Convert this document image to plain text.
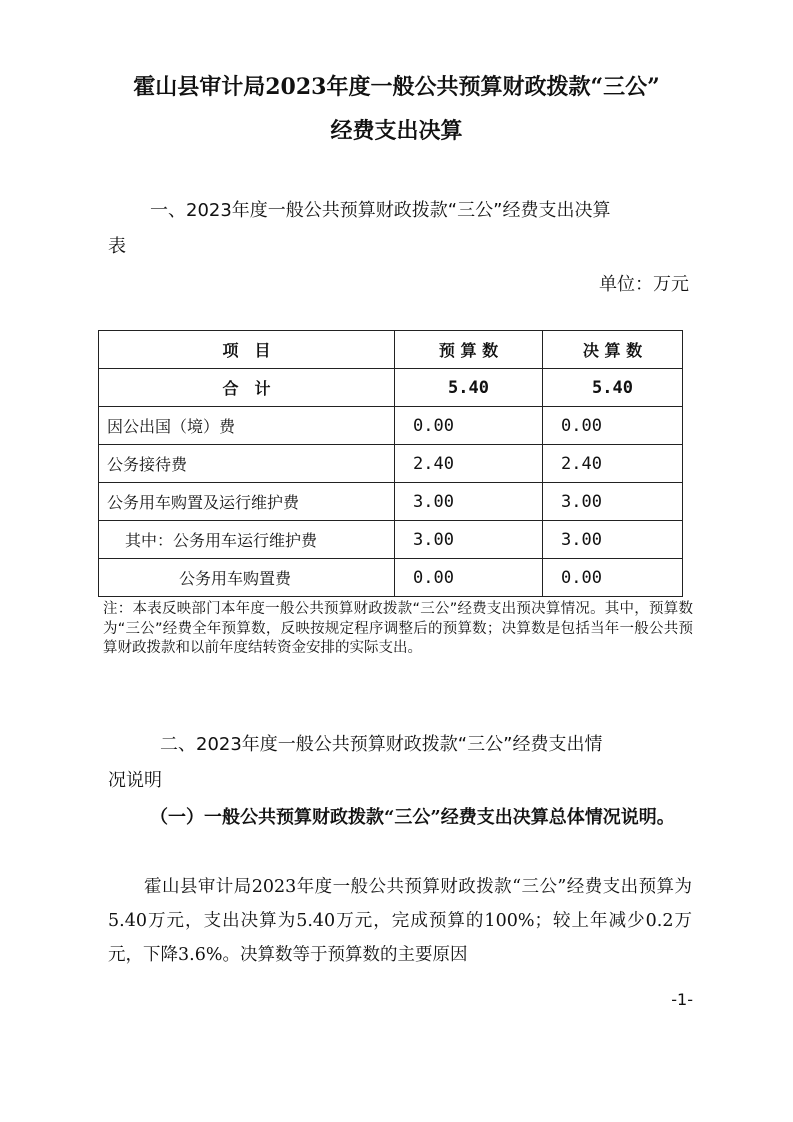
霍山县审计局2023年度一般公共预算财政拨款“三公”
经费支出决算
一、2023年度一般公共预算财政拨款“三公”经费支出决算
表
单位：万元
项　目	预 算 数	决 算 数
合　计	5.40	5.40
因公出国（境）费	0.00	0.00
公务接待费	2.40	2.40
公务用车购置及运行维护费	3.00	3.00
其中：公务用车运行维护费	3.00	3.00
公务用车购置费	0.00	0.00
注：本表反映部门本年度一般公共预算财政拨款“三公”经费支出预决算情况。其中，预算数为“三公”经费全年预算数，反映按规定程序调整后的预算数；决算数是包括当年一般公共预算财政拨款和以前年度结转资金安排的实际支出。
二、2023年度一般公共预算财政拨款“三公”经费支出情
况说明
（一）一般公共预算财政拨款“三公”经费支出决算总体情况说明。
霍山县审计局2023年度一般公共预算财政拨款“三公”经费支出预算为5.40万元，支出决算为5.40万元，完成预算的100%；较上年减少0.2万元，下降3.6%。决算数等于预算数的主要原因
-1-
